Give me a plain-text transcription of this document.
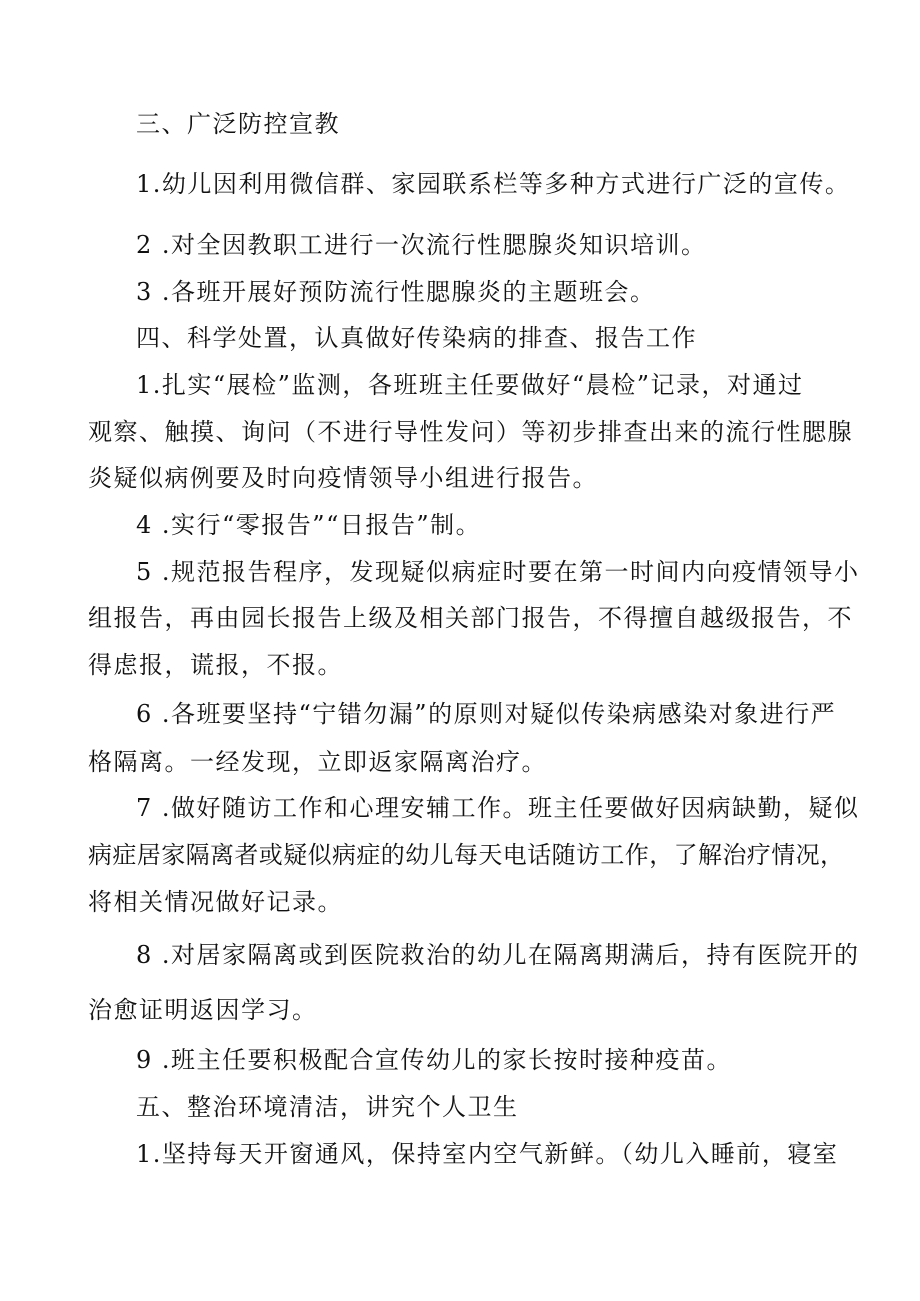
三、广泛防控宣教
1.幼儿因利用微信群、家园联系栏等多种方式进行广泛的宣传。
2 .对全因教职工进行一次流行性腮腺炎知识培训。
3 .各班开展好预防流行性腮腺炎的主题班会。
四、科学处置，认真做好传染病的排查、报告工作
1.扎实“展检”监测，各班班主任要做好“晨检”记录，对通过
观察、触摸、询问（不进行导性发问）等初步排查出来的流行性腮腺
炎疑似病例要及时向疫情领导小组进行报告。
4 .实行“零报告”“日报告”制。
5 .规范报告程序，发现疑似病症时要在第一时间内向疫情领导小
组报告，再由园长报告上级及相关部门报告，不得擅自越级报告，不
得虑报，谎报，不报。
6 .各班要坚持“宁错勿漏”的原则对疑似传染病感染对象进行严
格隔离。一经发现，立即返家隔离治疗。
7 .做好随访工作和心理安辅工作。班主任要做好因病缺勤，疑似
病症居家隔离者或疑似病症的幼儿每天电话随访工作，了解治疗情况，
将相关情况做好记录。
8 .对居家隔离或到医院救治的幼儿在隔离期满后，持有医院开的
治愈证明返因学习。
9 .班主任要积极配合宣传幼儿的家长按时接种疫苗。
五、整治环境清洁，讲究个人卫生
1.坚持每天开窗通风，保持室内空气新鲜。（幼儿入睡前，寝室
